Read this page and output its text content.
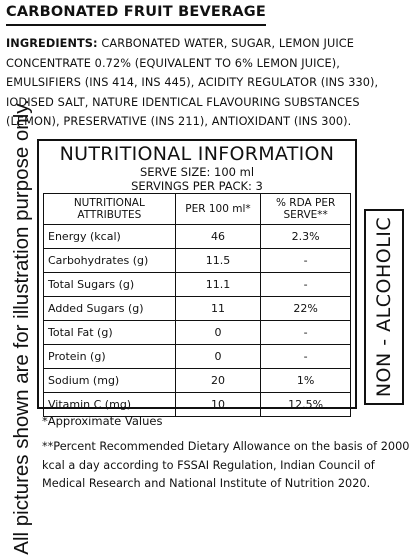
CARBONATED FRUIT BEVERAGE
INGREDIENTS: CARBONATED WATER, SUGAR, LEMON JUICE CONCENTRATE 0.72% (EQUIVALENT TO 6% LEMON JUICE), EMULSIFIERS (INS 414, INS 445), ACIDITY REGULATOR (INS 330), IODISED SALT, NATURE IDENTICAL FLAVOURING SUBSTANCES (LEMON), PRESERVATIVE (INS 211), ANTIOXIDANT (INS 300).
All pictures shown are for illustration purpose only.	NUTRITIONAL INFORMATION
SERVE SIZE: 100 ml
SERVINGS PER PACK: 3
NUTRITIONAL ATTRIBUTES	PER 100 ml*	% RDA PER SERVE**
Energy (kcal)	46	2.3%
Carbohydrates (g)	11.5	-
Total Sugars (g)	11.1	-
Added Sugars (g)	11	22%
Total Fat (g)	0	-
Protein (g)	0	-
Sodium (mg)	20	1%
Vitamin C (mg)	10	12.5%
NON - ALCOHOLIC
*Approximate Values
**Percent Recommended Dietary Allowance on the basis of 2000 kcal a day according to FSSAI Regulation, Indian Council of Medical Research and National Institute of Nutrition 2020.
